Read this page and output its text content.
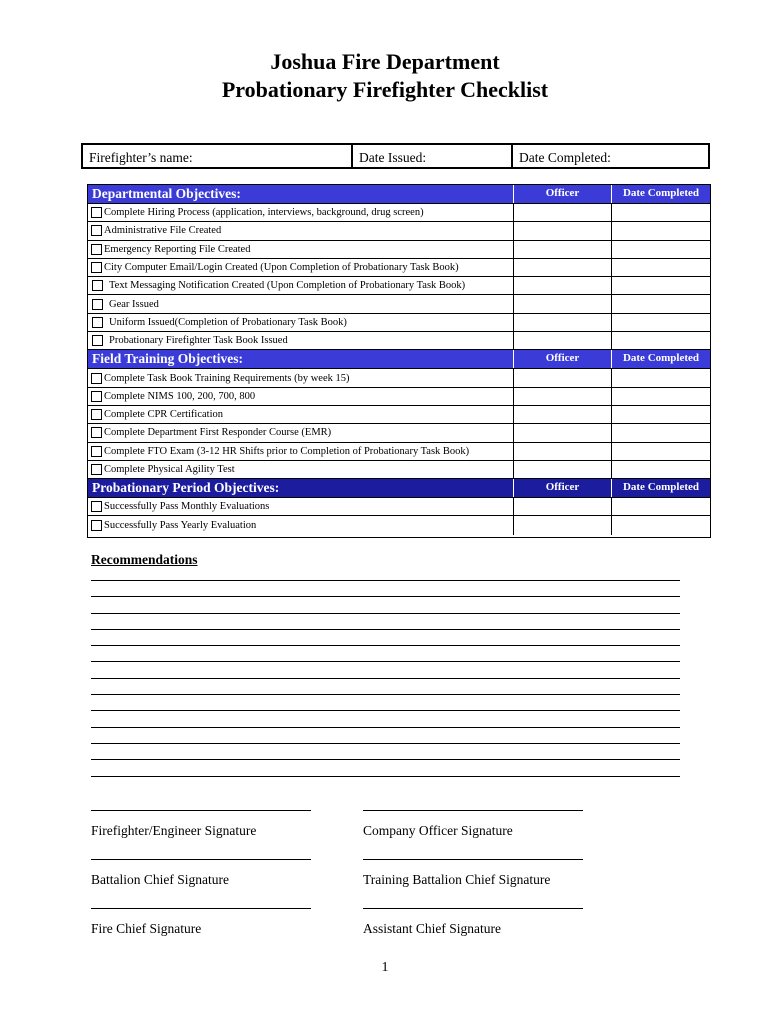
Joshua Fire Department
Probationary Firefighter Checklist
Firefighter’s name:	Date Issued:	Date Completed:
Departmental Objectives:	Officer	Date Completed
Complete Hiring Process (application, interviews, background, drug screen)
Administrative File Created
Emergency Reporting File Created
City Computer Email/Login Created (Upon Completion of Probationary Task Book)
Text Messaging Notification Created (Upon Completion of Probationary Task Book)
Gear Issued
Uniform Issued(Completion of Probationary Task Book)
Probationary Firefighter Task Book Issued
Field Training Objectives:	Officer	Date Completed
Complete Task Book Training Requirements (by week 15)
Complete NIMS 100, 200, 700, 800
Complete CPR Certification
Complete Department First Responder Course (EMR)
Complete FTO Exam (3-12 HR Shifts prior to Completion of Probationary Task Book)
Complete Physical Agility Test
Probationary Period Objectives:	Officer	Date Completed
Successfully Pass Monthly Evaluations
Successfully Pass Yearly Evaluation
Recommendations
Firefighter/Engineer Signature	Company Officer Signature
Battalion Chief Signature	Training Battalion Chief Signature
Fire Chief Signature	Assistant Chief Signature
1
